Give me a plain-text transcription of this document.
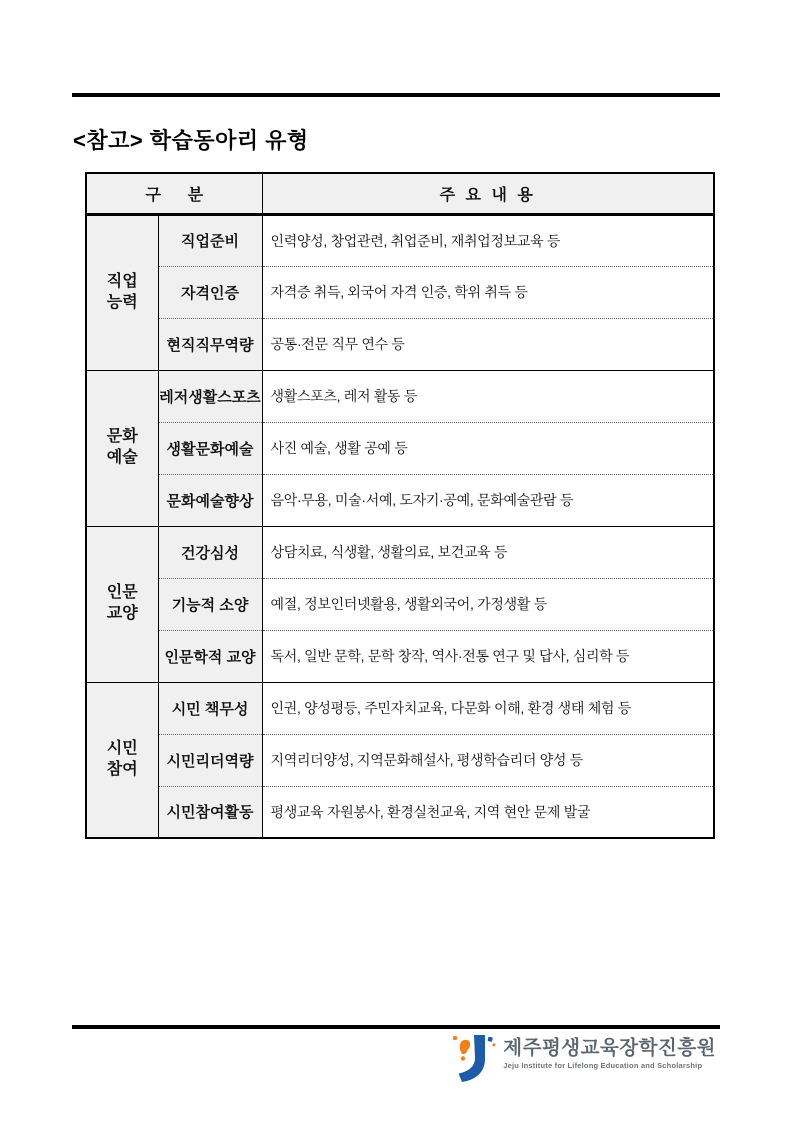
<참고> 학습동아리 유형
구      분		주 요 내 용

직업
능력	직업준비	인력양성, 창업관련, 취업준비, 재취업정보교육 등
	자격인증	자격증 취득, 외국어 자격 인증, 학위 취득 등
	현직직무역량	공통·전문 직무 연수 등

문화
예술	레저생활스포츠	생활스포츠, 레저 활동 등
	생활문화예술	사진 예술, 생활 공예 등
	문화예술향상	음악·무용, 미술·서예, 도자기·공예, 문화예술관람 등

인문
교양	건강심성	상담치료, 식생활, 생활의료, 보건교육 등
	기능적 소양	예절, 정보인터넷활용, 생활외국어, 가정생활 등
	인문학적 교양	독서, 일반 문학, 문학 창작, 역사·전통 연구 및 답사, 심리학 등

시민
참여	시민 책무성	인권, 양성평등, 주민자치교육, 다문화 이해, 환경 생태 체험 등
	시민리더역량	지역리더양성, 지역문화해설사, 평생학습리더 양성 등
	시민참여활동	평생교육 자원봉사, 환경실천교육, 지역 현안 문제 발굴
제주평생교육장학진흥원
Jeju Institute for Lifelong Education and Scholarship
